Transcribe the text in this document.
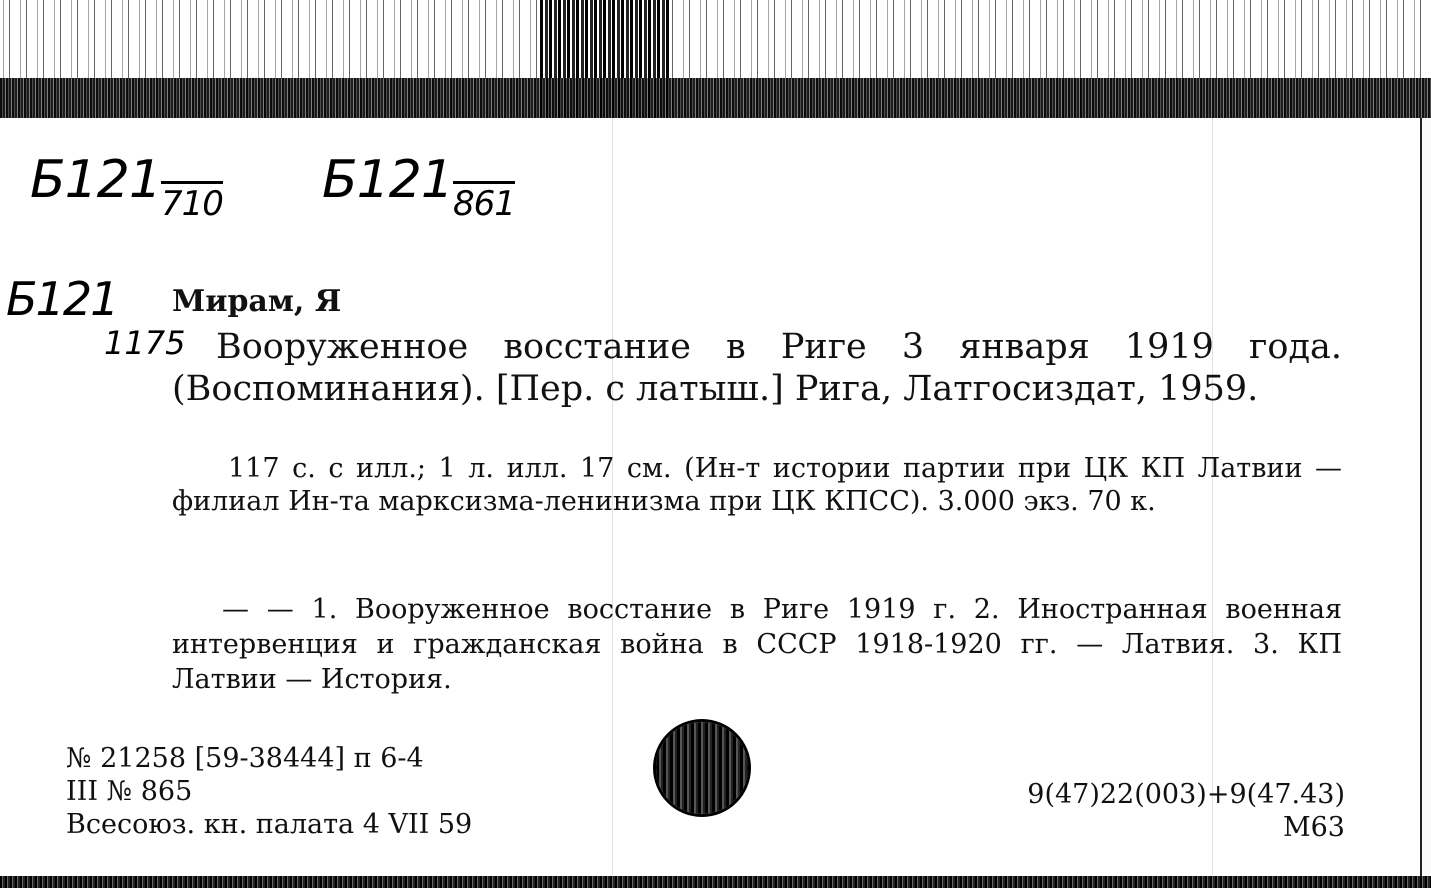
$Б121_{710}$ $Б121_{861}$
Б121
1175
Мирам, Я
Вооруженное восстание в Риге 3 января 1919 года. (Воспоминания). [Пер. с латыш.] Рига, Латгосиздат, 1959.
117 с. с илл.; 1 л. илл. 17 см. (Ин-т истории партии при ЦК КП Латвии — филиал Ин-та марксизма-ленинизма при ЦК КПСС). 3.000 экз. 70 к.
— — 1. Вооруженное восстание в Риге 1919 г. 2. Иностранная военная интервенция и гражданская война в СССР 1918-1920 гг. — Латвия. 3. КП Латвии — История.
№ 21258 [59-38444] п 6-4
III № 865
Всесоюз. кн. палата 4 VII 59
9(47)22(003)+9(47.43)
М63
